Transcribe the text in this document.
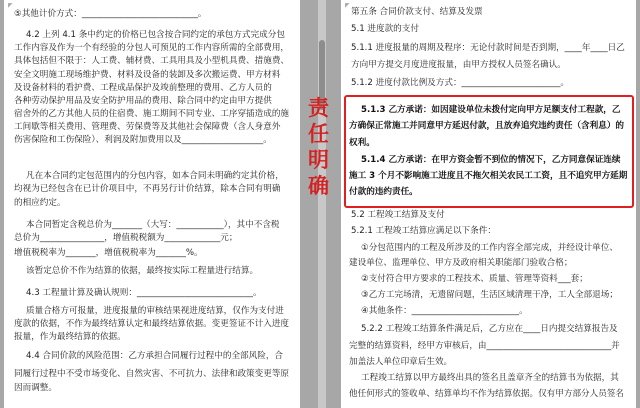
◤
⑤其他计价方式：___________________________。
4.2 上列 4.1 条中约定的价格已包含按合同约定的承包方式完成分包
工作内容及作为一个有经验的分包人可预见的工作内容所需的全部费用，
具体包括但不限于：人工费、辅材费、工具用具及小型机具费、措施费、
安全文明施工现场维护费、材料及设备的装卸及多次搬运费、甲方材料
及设备材料的看护费、工程成品保护及竣前整理的费用、乙方人员的
各种劳动保护用品及安全防护用品的费用、除合同中约定由甲方提供
宿舍外的乙方其他人员的住宿费、施工期间不同专业、工序穿插造成的施
工间歇等相关费用、管理费、劳保费等及其他社会保障费（含人身意外
伤害保险和工伤保险）、利润及附加费用以及___________________。
凡在本合同约定包范围内的分包内容，如本合同未明确约定其价格，
均视为已经包含在已计价项目中，不再另行计价结算，除本合同有明确
的相应约定。
本合同暂定含税总价为_______（大写：___________），其中不含税
总价为_______________，增值税税额为_____________元；
增值税税率为_______，增值税税率为_______%。
该暂定总价不作为结算的依据，最终按实际工程量进行结算。
4.3 工程量计算及确认规则：___________________________。
质量合格方可报量，进度报量的审核结果视进度结算，仅作为支付进
度款的依据，不作为最终结算认定和最终结算依据。变更签证不计入进度
报量，作为最终结算的依据。
4.4 合同价款的风险范围：乙方承担合同履行过程中的全部风险，合
同履行过程中不受市场变化、自然灾害、不可抗力、法律和政策变更等原
因而调整。
◤
第五条 合同价款支付、结算及发票
5.1 进度款的支付
5.1.1 进度报量的周期及程序：无论付款时间是否到期，____年____日乙
方向甲方提交月度进度报量，由甲方授权人员签名确认。
5.1.2 进度付款比例及方式：_______________________。
5.1.3 乙方承诺：如因建设单位未拨付定向甲方足额支付工程款，乙
方确保正常施工并同意甲方延迟付款，且放弃追究违约责任（含利息）的
权利。
5.1.4 乙方承诺：在甲方资金暂不到位的情况下，乙方同意保证连续
施工 3 个月不影响施工进度且不拖欠相关农民工工资，且不追究甲方延期
付款的违约责任。
5.2 工程竣工结算及支付
5.2.1 工程竣工结算应满足以下条件：
①分包范围内的工程及所涉及的工作内容全部完成，并经设计单位、
建设单位、监理单位、甲方及政府相关职能部门验收合格；
②支付符合甲方要求的工程技术、质量、管理等资料___套；
③乙方工完场清，无遗留问题，生活区域清理干净，工人全部退场；
④其他条件：_________________________。
5.2.2 工程竣工结算条件满足后，乙方应在____日内提交结算报告及
完整的结算资料，经甲方审核后，由_____________________________并
加盖法人单位印章后生效。
工程竣工结算以甲方最终出具的签名且盖章齐全的结算书为依据，其
他任何形式的签收单、结算单均不作为结算依据。仅有甲方部分人员签名
责
任
明
确
